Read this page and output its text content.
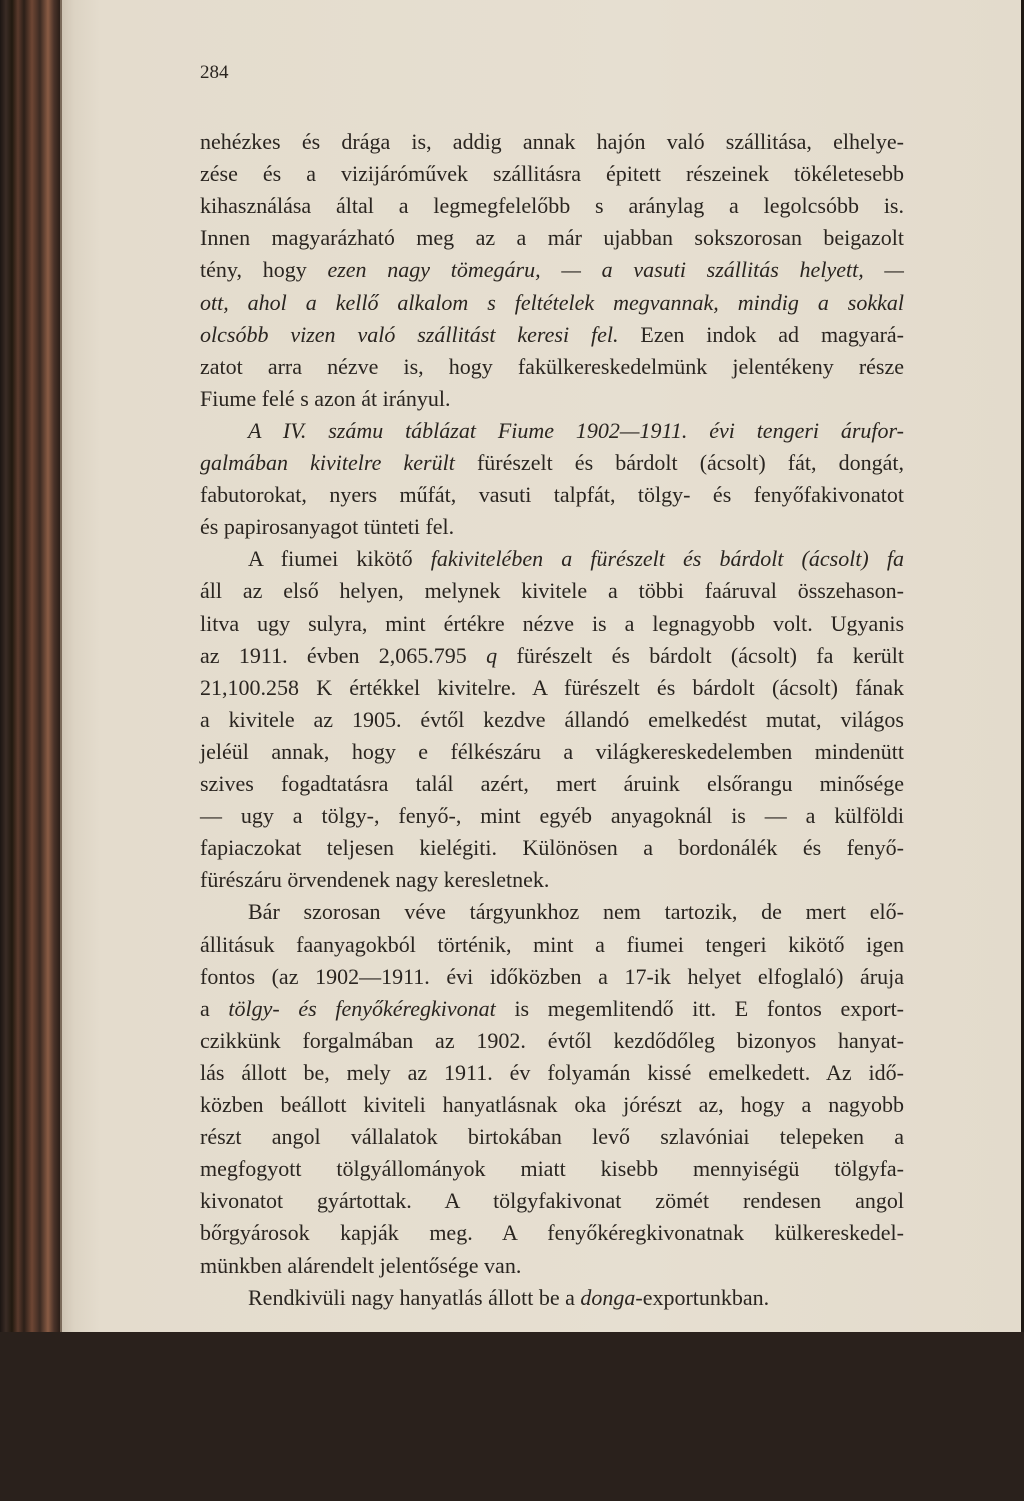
284
nehézkes és drága is, addig annak hajón való szállitása, elhelye-
zése és a vizijáróművek szállitásra épitett részeinek tökéletesebb
kihasználása által a legmegfelelőbb s aránylag a legolcsóbb is.
Innen magyarázható meg az a már ujabban sokszorosan beigazolt
tény, hogy ezen nagy tömegáru, — a vasuti szállitás helyett, —
ott, ahol a kellő alkalom s feltételek megvannak, mindig a sokkal
olcsóbb vizen való szállitást keresi fel. Ezen indok ad magyará-
zatot arra nézve is, hogy fakülkereskedelmünk jelentékeny része
Fiume felé s azon át irányul.
A IV. számu táblázat Fiume 1902—1911. évi tengeri árufor-
galmában kivitelre került fürészelt és bárdolt (ácsolt) fát, dongát,
fabutorokat, nyers műfát, vasuti talpfát, tölgy- és fenyőfakivonatot
és papirosanyagot tünteti fel.
A fiumei kikötő fakivitelében a fürészelt és bárdolt (ácsolt) fa
áll az első helyen, melynek kivitele a többi faáruval összehason-
litva ugy sulyra, mint értékre nézve is a legnagyobb volt. Ugyanis
az 1911. évben 2,065.795 q fürészelt és bárdolt (ácsolt) fa került
21,100.258 K értékkel kivitelre. A fürészelt és bárdolt (ácsolt) fának
a kivitele az 1905. évtől kezdve állandó emelkedést mutat, világos
jeléül annak, hogy e félkészáru a világkereskedelemben mindenütt
szives fogadtatásra talál azért, mert áruink elsőrangu minősége
— ugy a tölgy-, fenyő-, mint egyéb anyagoknál is — a külföldi
fapiaczokat teljesen kielégiti. Különösen a bordonálék és fenyő-
fürészáru örvendenek nagy keresletnek.
Bár szorosan véve tárgyunkhoz nem tartozik, de mert elő-
állitásuk faanyagokból történik, mint a fiumei tengeri kikötő igen
fontos (az 1902—1911. évi időközben a 17-ik helyet elfoglaló) áruja
a tölgy- és fenyőkéregkivonat is megemlitendő itt. E fontos export-
czikkünk forgalmában az 1902. évtől kezdődőleg bizonyos hanyat-
lás állott be, mely az 1911. év folyamán kissé emelkedett. Az idő-
közben beállott kiviteli hanyatlásnak oka jórészt az, hogy a nagyobb
részt angol vállalatok birtokában levő szlavóniai telepeken a
megfogyott tölgyállományok miatt kisebb mennyiségü tölgyfa-
kivonatot gyártottak. A tölgyfakivonat zömét rendesen angol
bőrgyárosok kapják meg. A fenyőkéregkivonatnak külkereskedel-
münkben alárendelt jelentősége van.
Rendkivüli nagy hanyatlás állott be a donga-exportunkban.
